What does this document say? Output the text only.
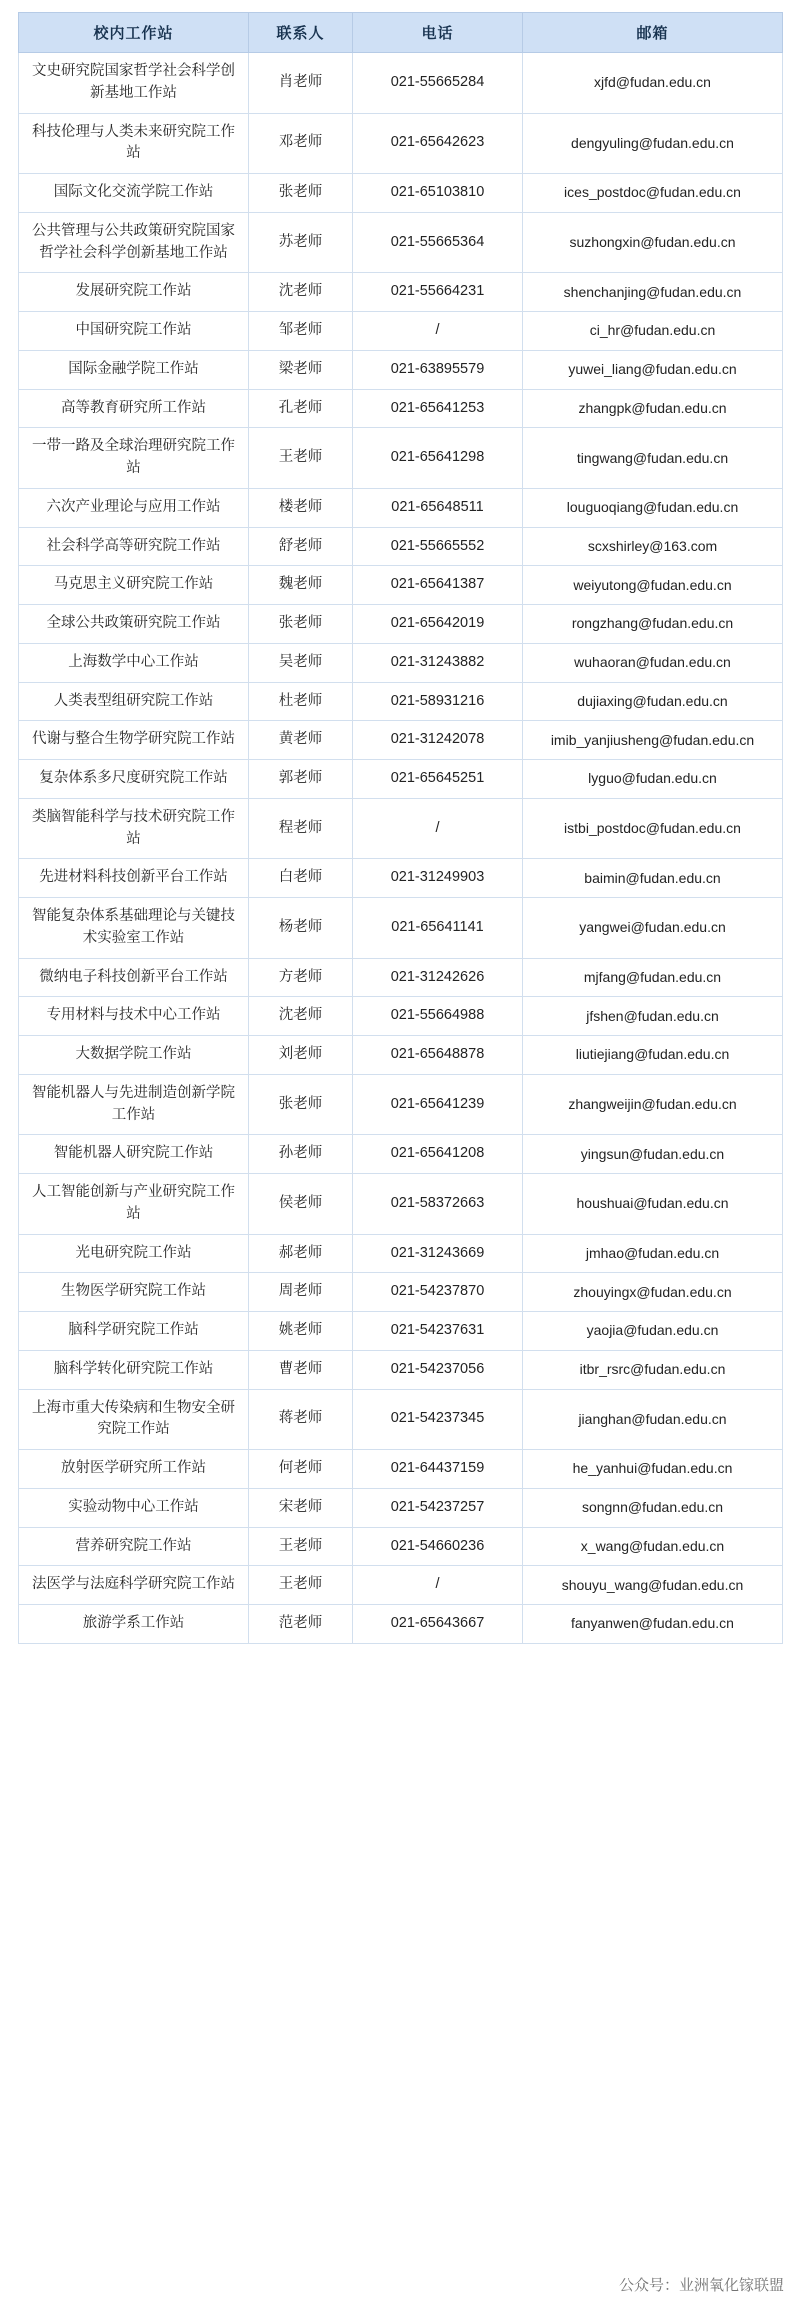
校内工作站	联系人	电话	邮箱
文史研究院国家哲学社会科学创新基地工作站	肖老师	021-55665284	xjfd@fudan.edu.cn
科技伦理与人类未来研究院工作站	邓老师	021-65642623	dengyuling@fudan.edu.cn
国际文化交流学院工作站	张老师	021-65103810	ices_postdoc@fudan.edu.cn
公共管理与公共政策研究院国家哲学社会科学创新基地工作站	苏老师	021-55665364	suzhongxin@fudan.edu.cn
发展研究院工作站	沈老师	021-55664231	shenchanjing@fudan.edu.cn
中国研究院工作站	邹老师	/	ci_hr@fudan.edu.cn
国际金融学院工作站	梁老师	021-63895579	yuwei_liang@fudan.edu.cn
高等教育研究所工作站	孔老师	021-65641253	zhangpk@fudan.edu.cn
一带一路及全球治理研究院工作站	王老师	021-65641298	tingwang@fudan.edu.cn
六次产业理论与应用工作站	楼老师	021-65648511	louguoqiang@fudan.edu.cn
社会科学高等研究院工作站	舒老师	021-55665552	scxshirley@163.com
马克思主义研究院工作站	魏老师	021-65641387	weiyutong@fudan.edu.cn
全球公共政策研究院工作站	张老师	021-65642019	rongzhang@fudan.edu.cn
上海数学中心工作站	吴老师	021-31243882	wuhaoran@fudan.edu.cn
人类表型组研究院工作站	杜老师	021-58931216	dujiaxing@fudan.edu.cn
代谢与整合生物学研究院工作站	黄老师	021-31242078	imib_yanjiusheng@fudan.edu.cn
复杂体系多尺度研究院工作站	郭老师	021-65645251	lyguo@fudan.edu.cn
类脑智能科学与技术研究院工作站	程老师	/	istbi_postdoc@fudan.edu.cn
先进材料科技创新平台工作站	白老师	021-31249903	baimin@fudan.edu.cn
智能复杂体系基础理论与关键技术实验室工作站	杨老师	021-65641141	yangwei@fudan.edu.cn
微纳电子科技创新平台工作站	方老师	021-31242626	mjfang@fudan.edu.cn
专用材料与技术中心工作站	沈老师	021-55664988	jfshen@fudan.edu.cn
大数据学院工作站	刘老师	021-65648878	liutiejiang@fudan.edu.cn
智能机器人与先进制造创新学院工作站	张老师	021-65641239	zhangweijin@fudan.edu.cn
智能机器人研究院工作站	孙老师	021-65641208	yingsun@fudan.edu.cn
人工智能创新与产业研究院工作站	侯老师	021-58372663	houshuai@fudan.edu.cn
光电研究院工作站	郝老师	021-31243669	jmhao@fudan.edu.cn
生物医学研究院工作站	周老师	021-54237870	zhouyingx@fudan.edu.cn
脑科学研究院工作站	姚老师	021-54237631	yaojia@fudan.edu.cn
脑科学转化研究院工作站	曹老师	021-54237056	itbr_rsrc@fudan.edu.cn
上海市重大传染病和生物安全研究院工作站	蒋老师	021-54237345	jianghan@fudan.edu.cn
放射医学研究所工作站	何老师	021-64437159	he_yanhui@fudan.edu.cn
实验动物中心工作站	宋老师	021-54237257	songnn@fudan.edu.cn
营养研究院工作站	王老师	021-54660236	x_wang@fudan.edu.cn
法医学与法庭科学研究院工作站	王老师	/	shouyu_wang@fudan.edu.cn
旅游学系工作站	范老师	021-65643667	fanyanwen@fudan.edu.cn
公众号：业洲氧化镓联盟
